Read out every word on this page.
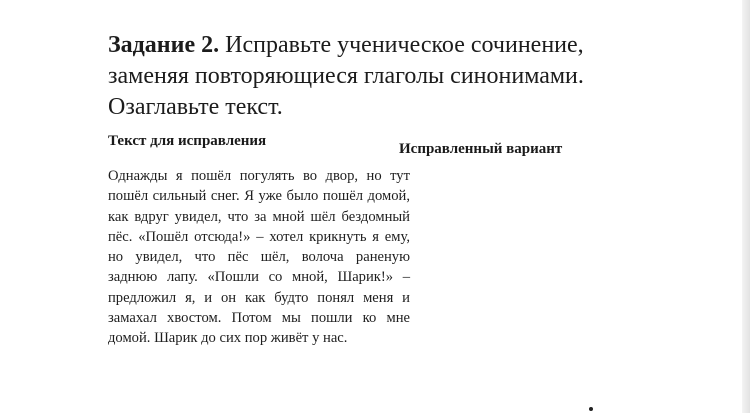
Задание 2. Исправьте ученическое сочинение, заменяя повторяющиеся глаголы синонимами. Озаглавьте текст.
Текст для исправления	Исправленный вариант
Однажды я пошёл погулять во двор, но тут пошёл сильный снег. Я уже было пошёл домой, как вдруг увидел, что за мной шёл бездомный пёс. «Пошёл отсюда!» – хотел крикнуть я ему, но увидел, что пёс шёл, волоча раненую заднюю лапу. «Пошли со мной, Шарик!» – предложил я, и он как будто понял меня и замахал хвостом. Потом мы пошли ко мне домой. Шарик до сих пор живёт у нас.
